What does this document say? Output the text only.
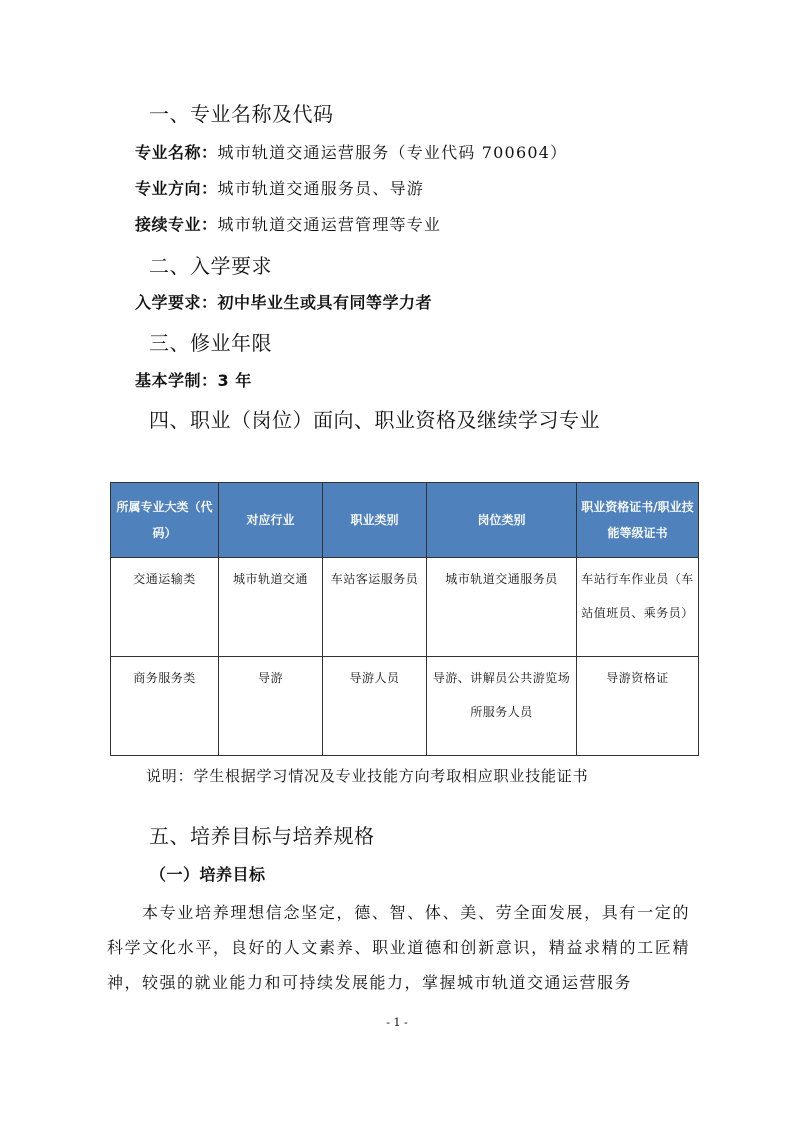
一、专业名称及代码
专业名称：城市轨道交通运营服务（专业代码 700604）
专业方向：城市轨道交通服务员、导游
接续专业：城市轨道交通运营管理等专业
二、入学要求
入学要求：初中毕业生或具有同等学力者
三、修业年限
基本学制：3 年
四、职业（岗位）面向、职业资格及继续学习专业
所属专业大类（代码）	对应行业	职业类别	岗位类别	职业资格证书/职业技能等级证书
交通运输类	城市轨道交通	车站客运服务员	城市轨道交通服务员	车站行车作业员（车站值班员、乘务员）
商务服务类	导游	导游人员	导游、讲解员公共游览场所服务人员	导游资格证
说明：学生根据学习情况及专业技能方向考取相应职业技能证书
五、培养目标与培养规格
（一）培养目标
本专业培养理想信念坚定，德、智、体、美、劳全面发展，具有一定的科学文化水平，良好的人文素养、职业道德和创新意识，精益求精的工匠精神，较强的就业能力和可持续发展能力，掌握城市轨道交通运营服务
- 1 -
